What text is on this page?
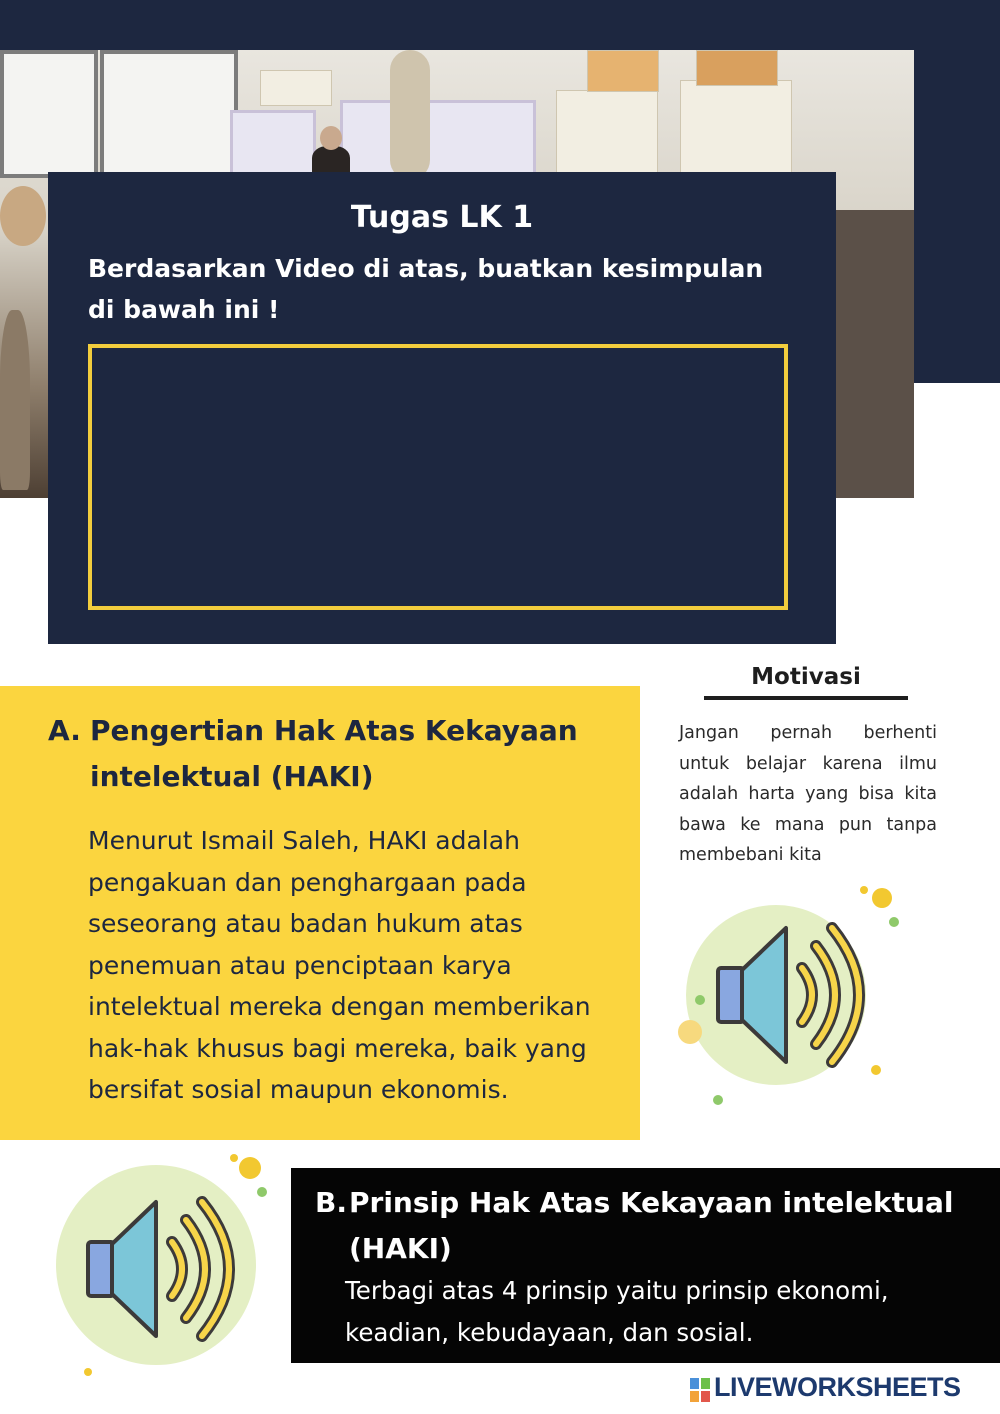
Tugas LK 1
Berdasarkan Video di atas, buatkan kesimpulan di bawah ini !
A. Pengertian Hak Atas Kekayaan intelektual (HAKI)
Menurut Ismail Saleh, HAKI adalah pengakuan dan penghargaan pada seseorang atau badan hukum atas penemuan atau penciptaan karya intelektual mereka dengan memberikan hak-hak khusus bagi mereka, baik yang bersifat sosial maupun ekonomis.
Motivasi
Jangan pernah berhenti untuk belajar karena ilmu adalah harta yang bisa kita bawa ke mana pun tanpa membebani kita
B. Prinsip Hak Atas Kekayaan intelektual (HAKI)
Terbagi atas 4 prinsip yaitu prinsip ekonomi, keadian, kebudayaan, dan sosial.
LIVEWORKSHEETS
